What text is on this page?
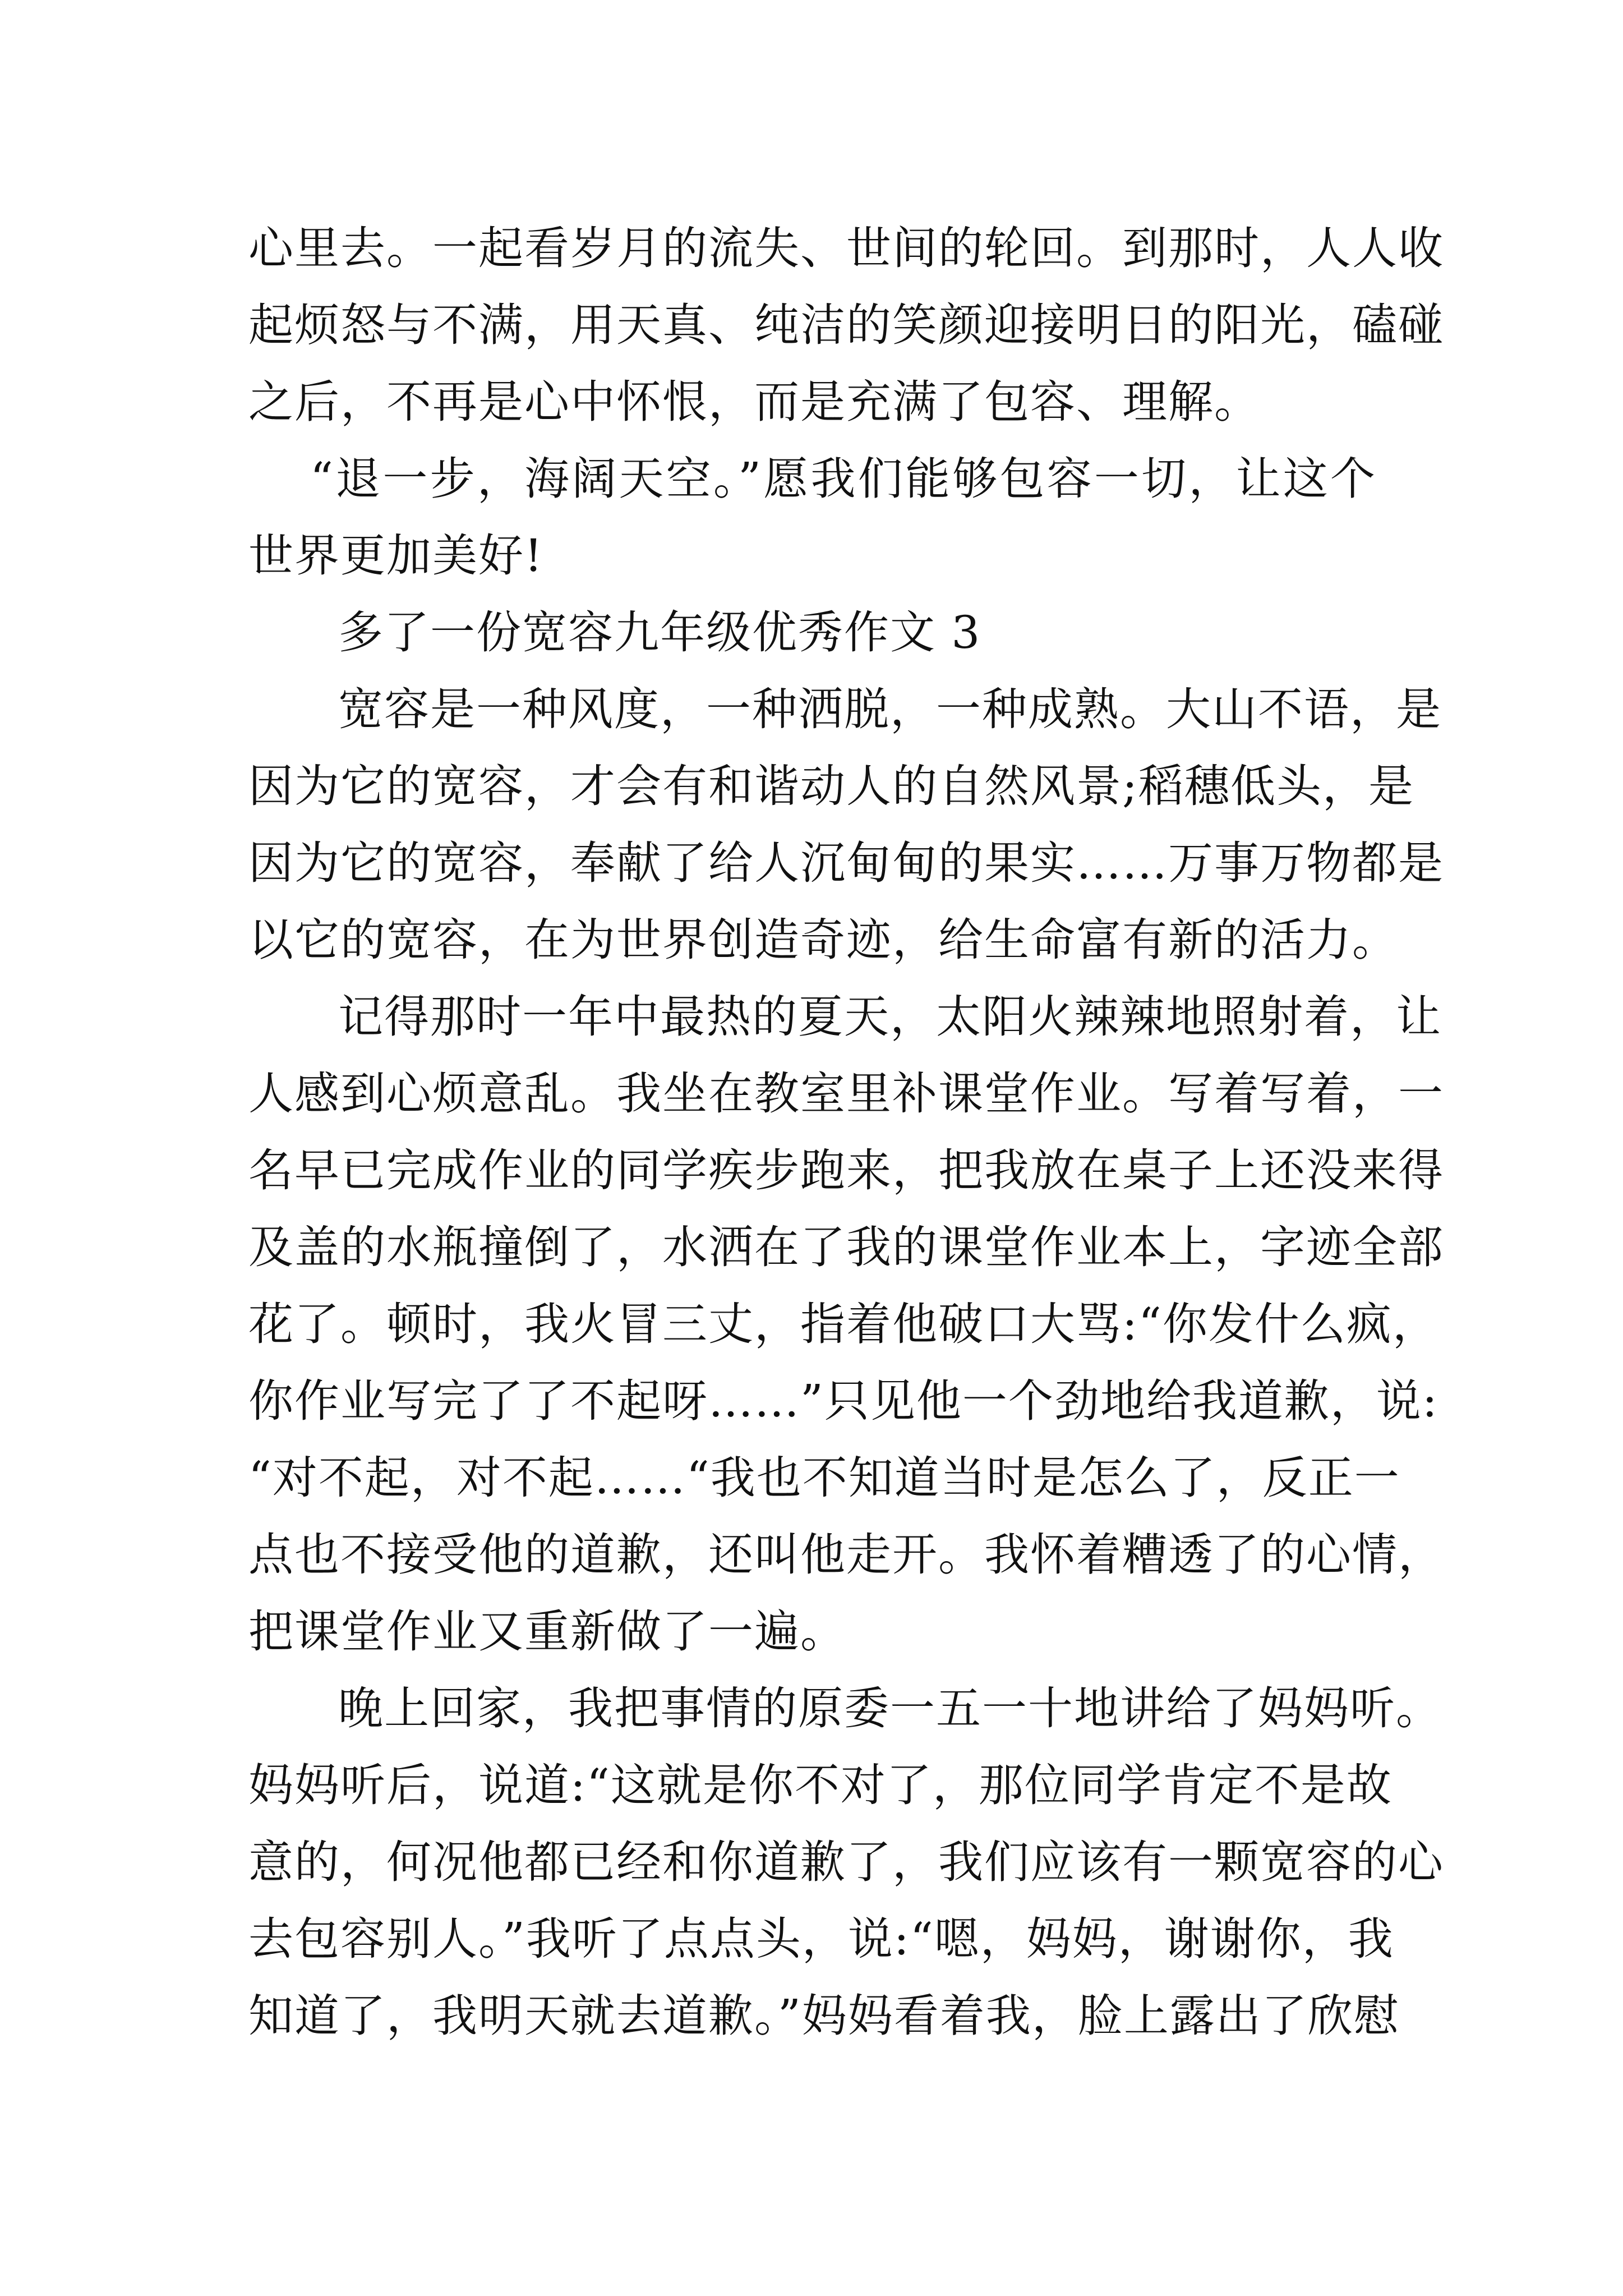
心里去。一起看岁月的流失、世间的轮回。到那时，人人收
起烦怒与不满，用天真、纯洁的笑颜迎接明日的阳光，磕碰
之后，不再是心中怀恨，而是充满了包容、理解。
“退一步，海阔天空。”愿我们能够包容一切，让这个
世界更加美好!
多了一份宽容九年级优秀作文 3
宽容是一种风度，一种洒脱，一种成熟。大山不语，是
因为它的宽容，才会有和谐动人的自然风景;稻穗低头，是
因为它的宽容，奉献了给人沉甸甸的果实……万事万物都是
以它的宽容，在为世界创造奇迹，给生命富有新的活力。
记得那时一年中最热的夏天，太阳火辣辣地照射着，让
人感到心烦意乱。我坐在教室里补课堂作业。写着写着，一
名早已完成作业的同学疾步跑来，把我放在桌子上还没来得
及盖的水瓶撞倒了，水洒在了我的课堂作业本上，字迹全部
花了。顿时，我火冒三丈，指着他破口大骂:“你发什么疯，
你作业写完了了不起呀……”只见他一个劲地给我道歉，说:
“对不起，对不起……“我也不知道当时是怎么了，反正一
点也不接受他的道歉，还叫他走开。我怀着糟透了的心情，
把课堂作业又重新做了一遍。
晚上回家，我把事情的原委一五一十地讲给了妈妈听。
妈妈听后，说道:“这就是你不对了，那位同学肯定不是故
意的，何况他都已经和你道歉了，我们应该有一颗宽容的心
去包容别人。”我听了点点头，说:“嗯，妈妈，谢谢你，我
知道了，我明天就去道歉。”妈妈看着我，脸上露出了欣慰
